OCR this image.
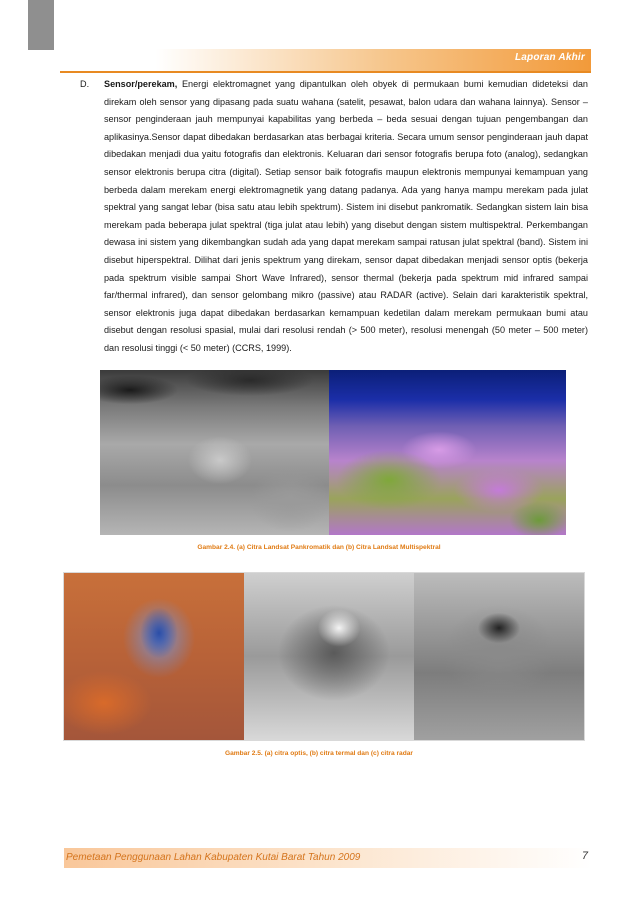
Laporan Akhir
D. Sensor/perekam, Energi elektromagnet yang dipantulkan oleh obyek di permukaan bumi kemudian dideteksi dan direkam oleh sensor yang dipasang pada suatu wahana (satelit, pesawat, balon udara dan wahana lainnya). Sensor – sensor penginderaan jauh mempunyai kapabilitas yang berbeda – beda sesuai dengan tujuan pengembangan dan aplikasinya.Sensor dapat dibedakan berdasarkan atas berbagai kriteria. Secara umum sensor penginderaan jauh dapat dibedakan menjadi dua yaitu fotografis dan elektronis. Keluaran dari sensor fotografis berupa foto (analog), sedangkan sensor elektronis berupa citra (digital). Setiap sensor baik fotografis maupun elektronis mempunyai kemampuan yang berbeda dalam merekam energi elektromagnetik yang datang padanya. Ada yang hanya mampu merekam pada julat spektral yang sangat lebar (bisa satu atau lebih spektrum). Sistem ini disebut pankromatik. Sedangkan sistem lain bisa merekam pada beberapa julat spektral (tiga julat atau lebih) yang disebut dengan sistem multispektral. Perkembangan dewasa ini sistem yang dikembangkan sudah ada yang dapat merekam sampai ratusan julat spektral (band). Sistem ini disebut hiperspektral. Dilihat dari jenis spektrum yang direkam, sensor dapat dibedakan menjadi sensor optis (bekerja pada spektrum visible sampai Short Wave Infrared), sensor thermal (bekerja pada spektrum mid infrared sampai far/thermal infrared), dan sensor gelombang mikro (passive) atau RADAR (active). Selain dari karakteristik spektral, sensor elektronis juga dapat dibedakan berdasarkan kemampuan kedetilan dalam merekam permukaan bumi atau disebut dengan resolusi spasial, mulai dari resolusi rendah (> 500 meter), resolusi menengah (50 meter – 500 meter) dan resolusi tinggi (< 50 meter) (CCRS, 1999).
Gambar 2.4. (a) Citra Landsat Pankromatik dan (b) Citra Landsat Multispektral
Gambar 2.5. (a) citra optis, (b) citra termal dan (c) citra radar
Pemetaan Penggunaan Lahan Kabupaten Kutai Barat Tahun 2009	7
